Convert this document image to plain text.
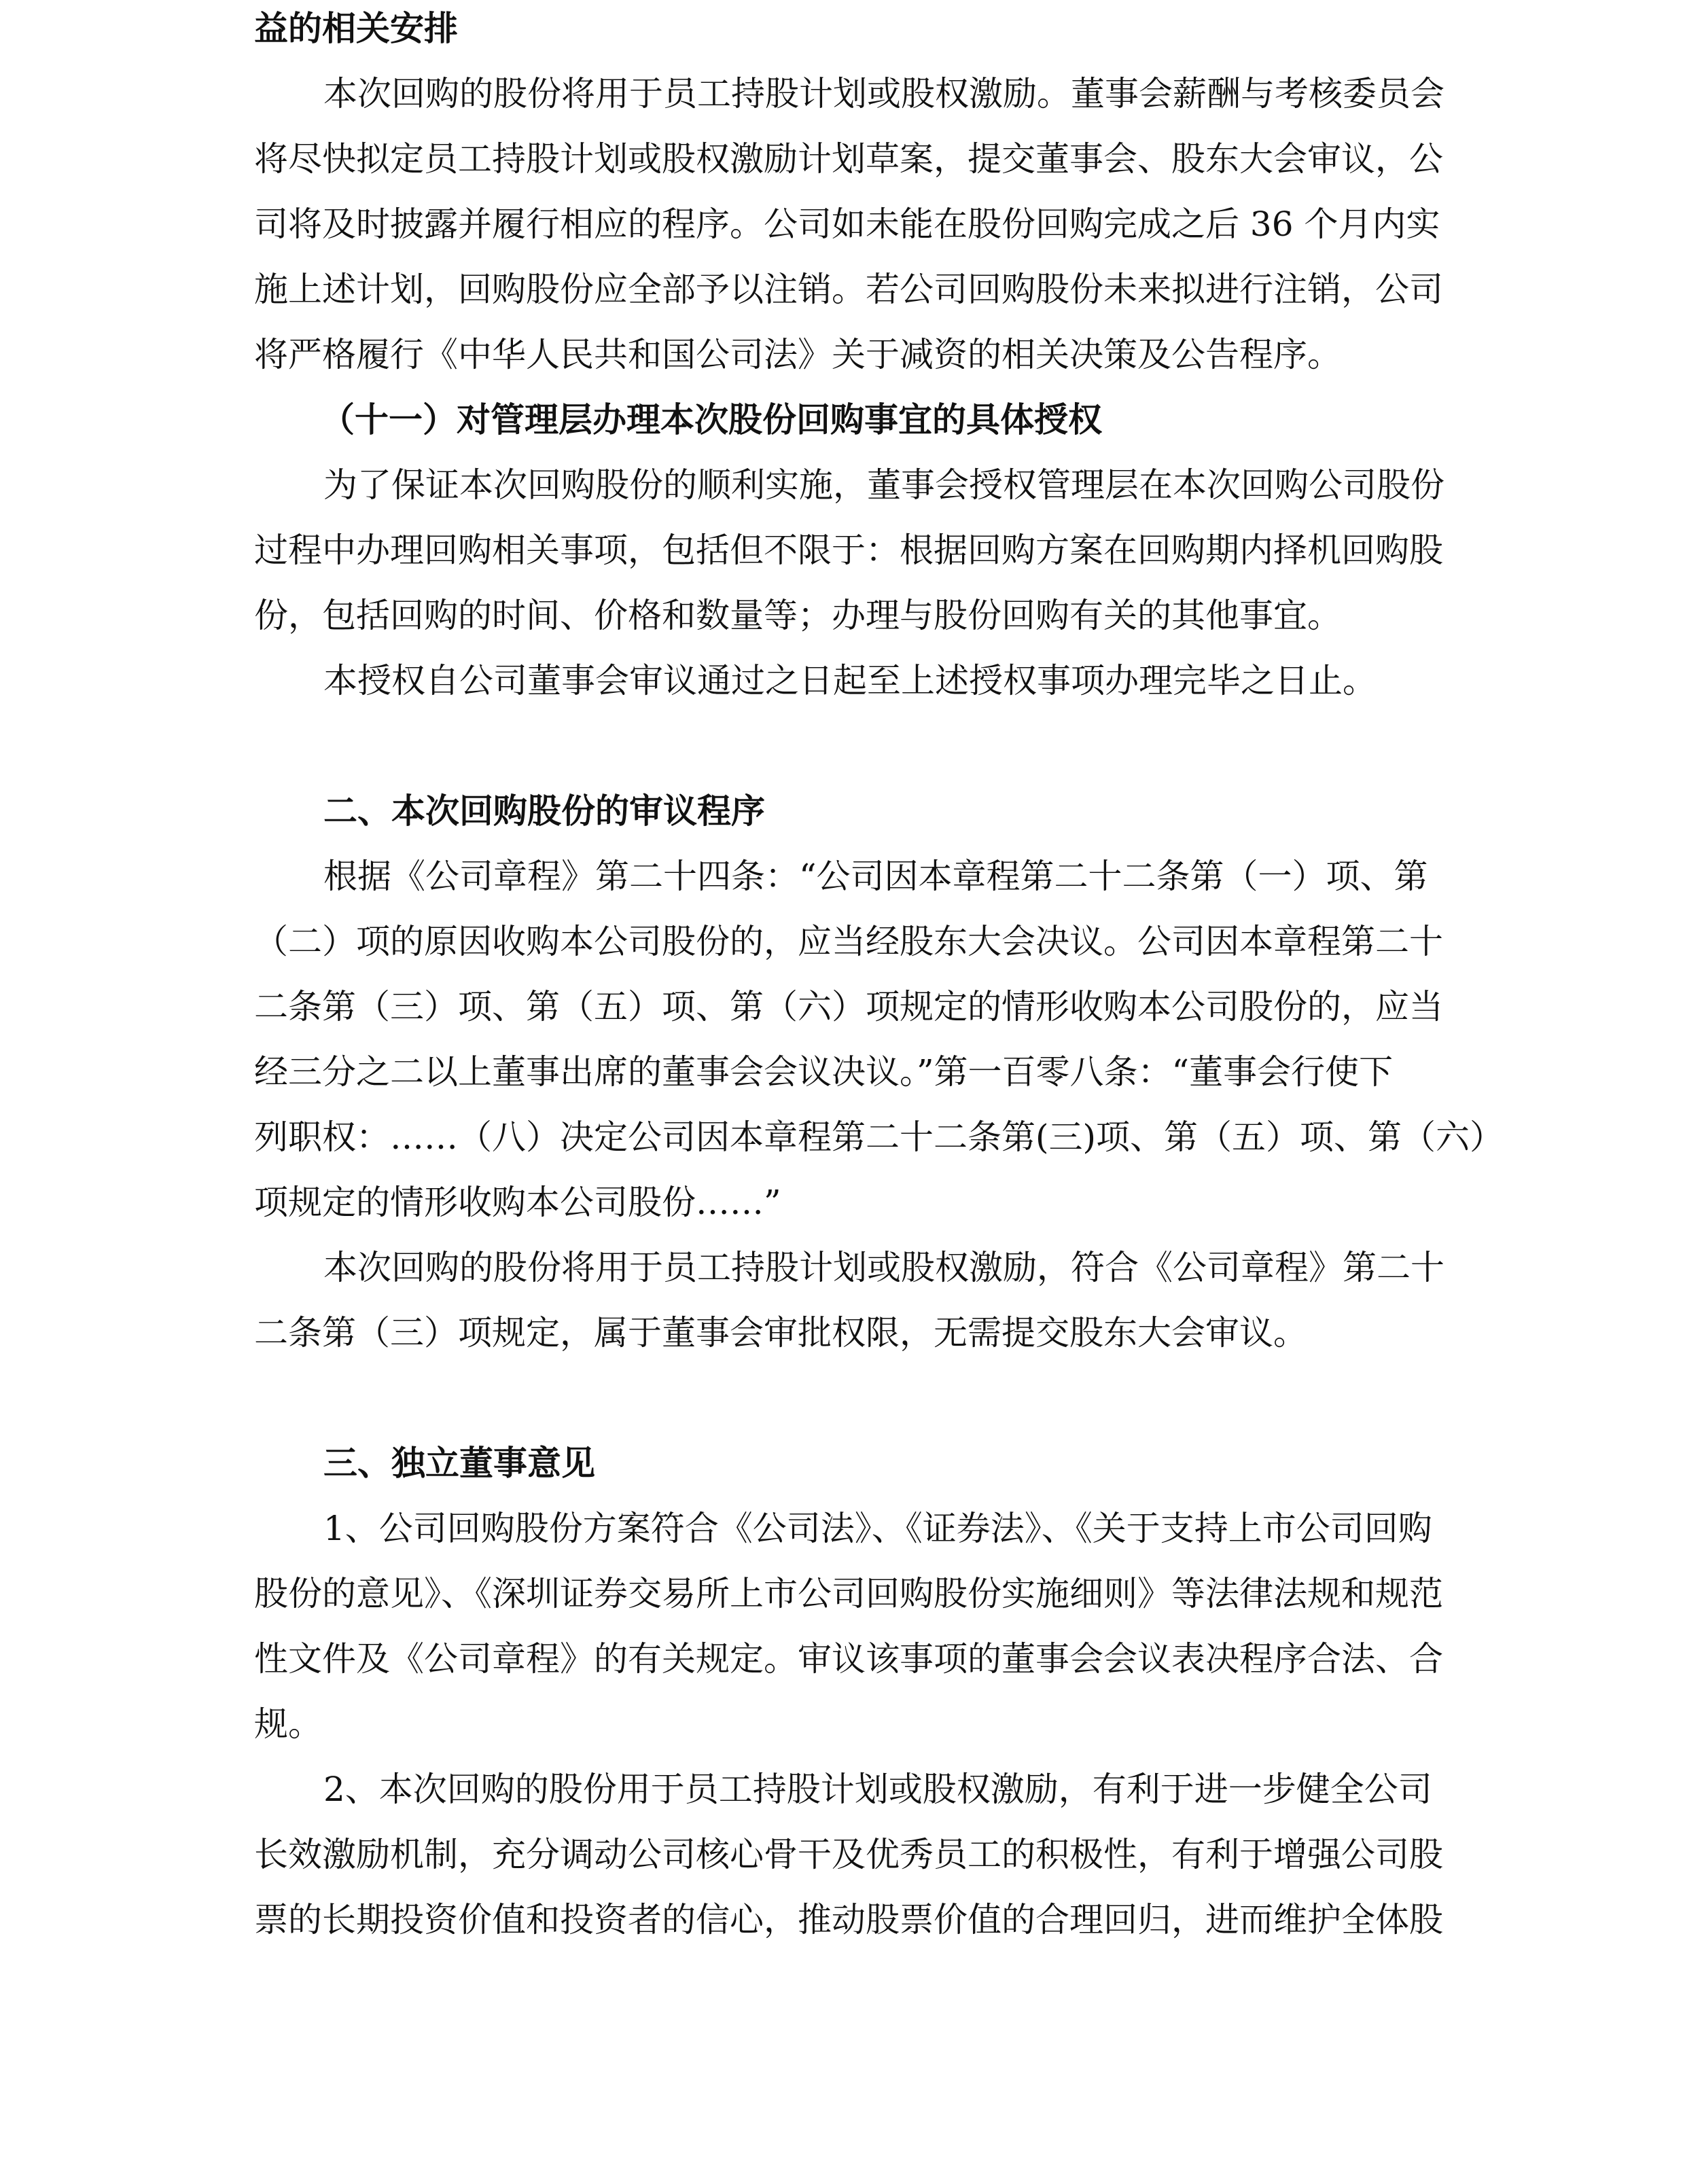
益的相关安排
本次回购的股份将用于员工持股计划或股权激励。董事会薪酬与考核委员会
将尽快拟定员工持股计划或股权激励计划草案，提交董事会、股东大会审议，公
司将及时披露并履行相应的程序。公司如未能在股份回购完成之后 36 个月内实
施上述计划，回购股份应全部予以注销。若公司回购股份未来拟进行注销，公司
将严格履行《中华人民共和国公司法》关于减资的相关决策及公告程序。
（十一）对管理层办理本次股份回购事宜的具体授权
为了保证本次回购股份的顺利实施，董事会授权管理层在本次回购公司股份
过程中办理回购相关事项，包括但不限于：根据回购方案在回购期内择机回购股
份，包括回购的时间、价格和数量等；办理与股份回购有关的其他事宜。
本授权自公司董事会审议通过之日起至上述授权事项办理完毕之日止。
二、本次回购股份的审议程序
根据《公司章程》第二十四条：“公司因本章程第二十二条第（一）项、第
（二）项的原因收购本公司股份的，应当经股东大会决议。公司因本章程第二十
二条第（三）项、第（五）项、第（六）项规定的情形收购本公司股份的，应当
经三分之二以上董事出席的董事会会议决议。”第一百零八条：“董事会行使下
列职权：……（八）决定公司因本章程第二十二条第(三)项、第（五）项、第（六）
项规定的情形收购本公司股份……”
本次回购的股份将用于员工持股计划或股权激励，符合《公司章程》第二十
二条第（三）项规定，属于董事会审批权限，无需提交股东大会审议。
三、独立董事意见
1、公司回购股份方案符合《公司法》、《证券法》、《关于支持上市公司回购
股份的意见》、《深圳证券交易所上市公司回购股份实施细则》等法律法规和规范
性文件及《公司章程》的有关规定。审议该事项的董事会会议表决程序合法、合
规。
2、本次回购的股份用于员工持股计划或股权激励，有利于进一步健全公司
长效激励机制，充分调动公司核心骨干及优秀员工的积极性，有利于增强公司股
票的长期投资价值和投资者的信心，推动股票价值的合理回归，进而维护全体股
